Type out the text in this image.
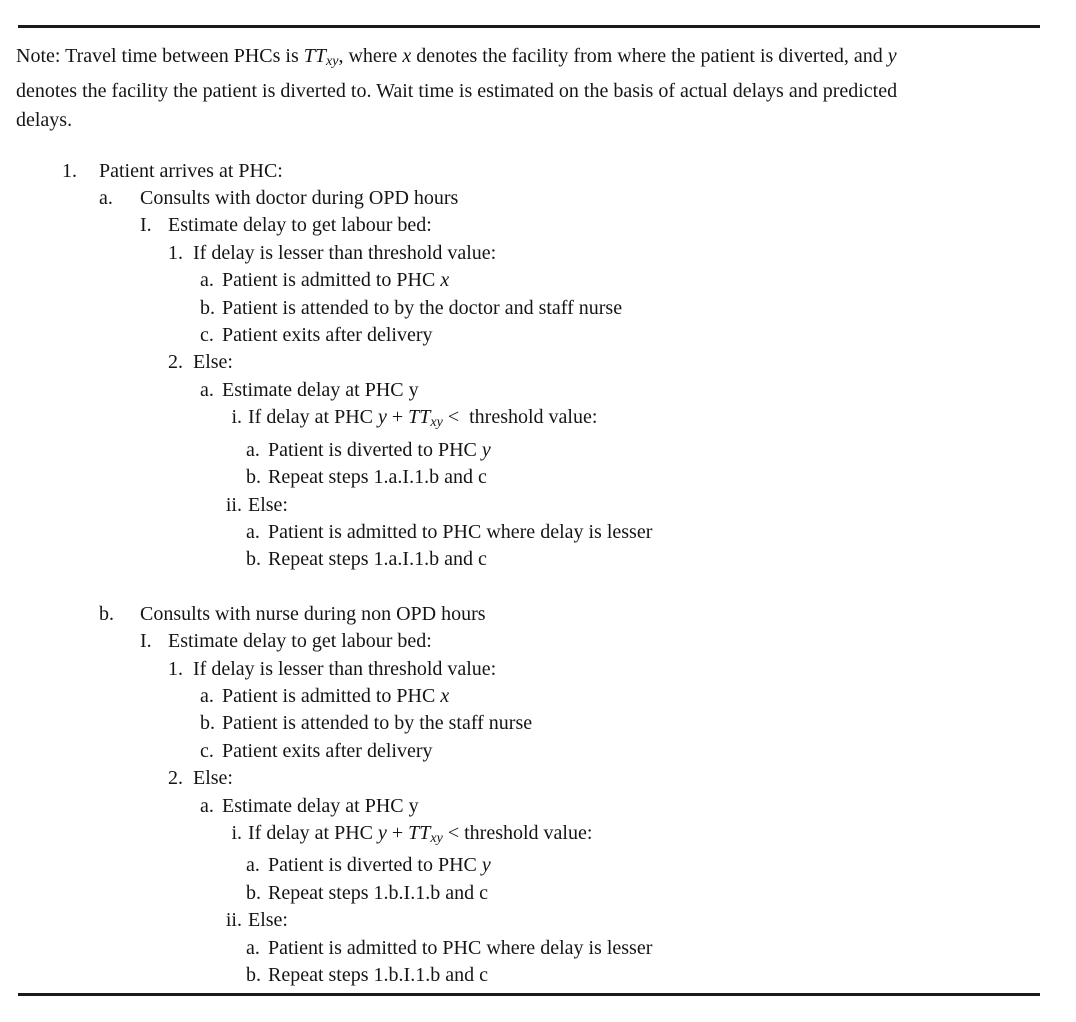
Note: Travel time between PHCs is $TT_{xy}$, where x denotes the facility from where the patient is diverted, and y
denotes the facility the patient is diverted to. Wait time is estimated on the basis of actual delays and predicted
delays.
1. Patient arrives at PHC:
a. Consults with doctor during OPD hours
I. Estimate delay to get labour bed:
1. If delay is lesser than threshold value:
a. Patient is admitted to PHC x
b. Patient is attended to by the doctor and staff nurse
c. Patient exits after delivery
2. Else:
a. Estimate delay at PHC y
i. If delay at PHC $y + TT_{xy}$ < threshold value:
a. Patient is diverted to PHC y
b. Repeat steps 1.a.I.1.b and c
ii. Else:
a. Patient is admitted to PHC where delay is lesser
b. Repeat steps 1.a.I.1.b and c
b. Consults with nurse during non OPD hours
I. Estimate delay to get labour bed:
1. If delay is lesser than threshold value:
a. Patient is admitted to PHC x
b. Patient is attended to by the staff nurse
c. Patient exits after delivery
2. Else:
a. Estimate delay at PHC y
i. If delay at PHC $y + TT_{xy}$ < threshold value:
a. Patient is diverted to PHC y
b. Repeat steps 1.b.I.1.b and c
ii. Else:
a. Patient is admitted to PHC where delay is lesser
b. Repeat steps 1.b.I.1.b and c
